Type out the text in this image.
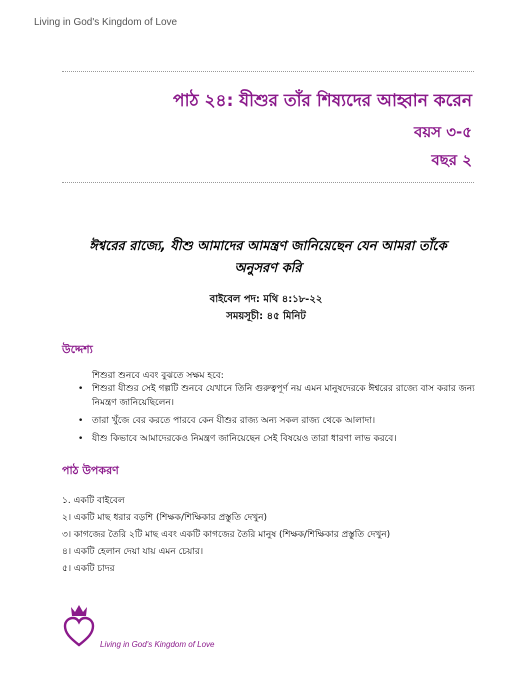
Living in God's Kingdom of Love
পাঠ ২৪: যীশুর তাঁর শিষ্যদের আহ্বান করেন
বয়স ৩-৫
বছর ২
ঈশ্বরের রাজ্যে, যীশু আমাদের আমন্ত্রণ জানিয়েছেন যেন আমরা তাঁকে
অনুসরণ করি
বাইবেল পদ: মথি ৪:১৮-২২
সময়সূচী: ৪৫ মিনিট
উদ্দেশ্য
শিশুরা শুনবে এবং বুঝতে সক্ষম হবে:
• শিশুরা যীশুর সেই গল্পটি শুনবে যেখানে তিনি গুরুত্বপূর্ণ নয় এমন মানুষদেরকে ঈশ্বরের রাজ্যে বাস করার জন্য নিমন্ত্রণ জানিয়েছিলেন।
• তারা খুঁজে বের করতে পারবে কেন যীশুর রাজ্য অন্য সকল রাজ্য থেকে আলাদা।
• যীশু কিভাবে আমাদেরকেও নিমন্ত্রণ জানিয়েছেন সেই বিষয়েও তারা ধারণা লাভ করবে।
পাঠ উপকরণ
১. একটি বাইবেল
২। একটি মাছ ধরার বড়শি (শিক্ষক/শিক্ষিকার প্রস্তুতি দেখুন)
৩। কাগজের তৈরি ২টি মাছ এবং একটি কাগজের তৈরি মানুষ (শিক্ষক/শিক্ষিকার প্রস্তুতি দেখুন)
৪। একটি হেলান দেয়া যায় এমন চেয়ার।
৫। একটি চাদর
Living in God's Kingdom of Love
